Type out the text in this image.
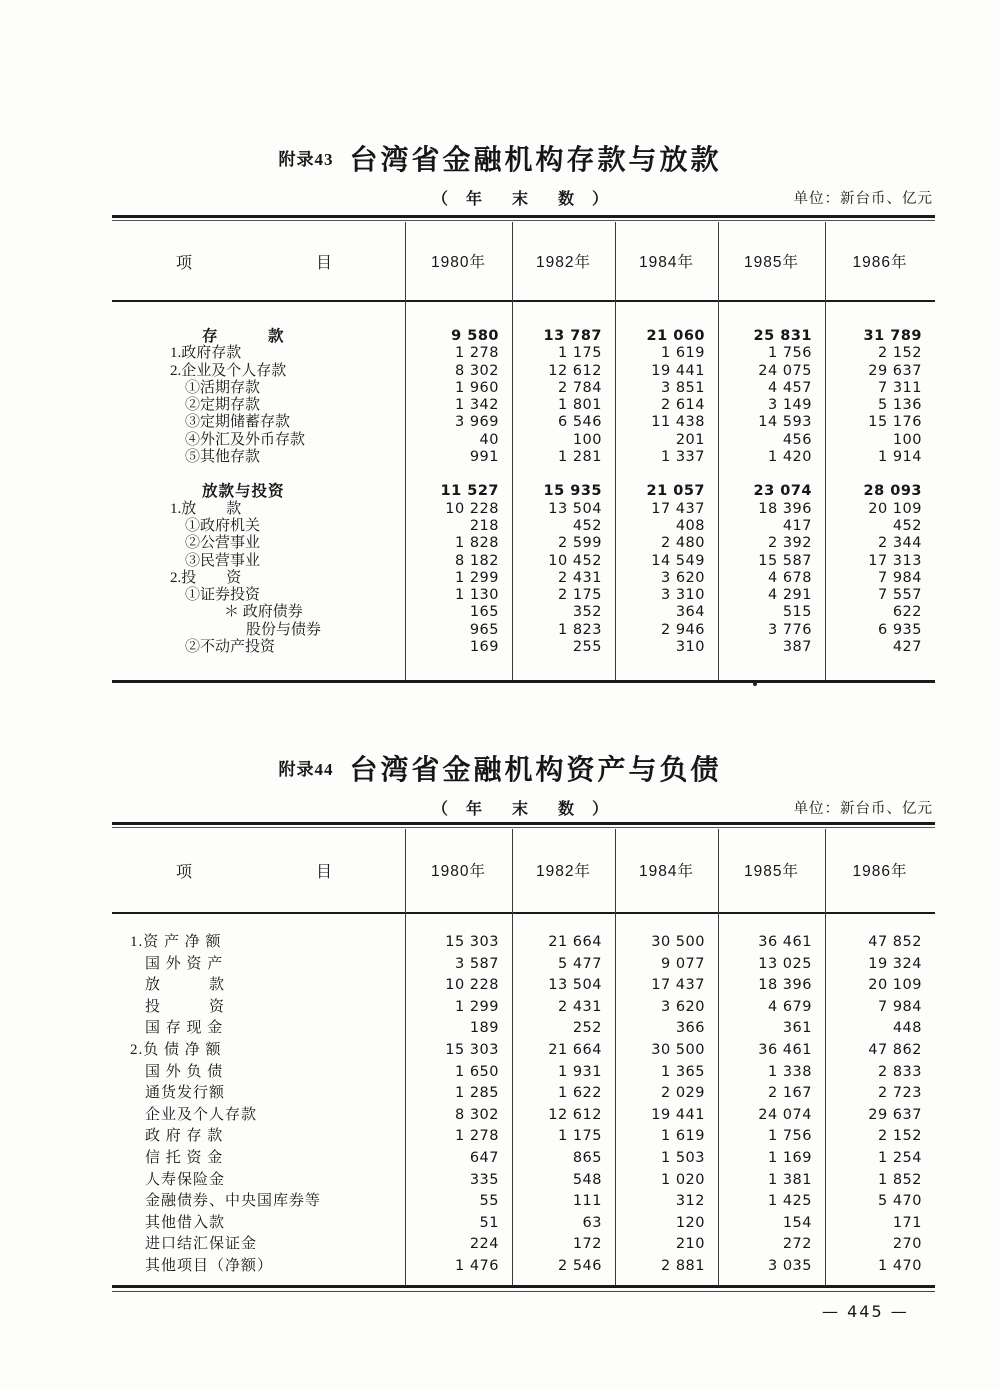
附录43 台湾省金融机构存款与放款
（ 年　末　数 ）	单位：新台币、亿元
项	目	1980年	1982年	1984年	1985年	1986年
存　　　款	9 580	13 787	21 060	25 831	31 789
1.政府存款	1 278	1 175	1 619	1 756	2 152
2.企业及个人存款	8 302	12 612	19 441	24 075	29 637
①活期存款	1 960	2 784	3 851	4 457	7 311
②定期存款	1 342	1 801	2 614	3 149	5 136
③定期储蓄存款	3 969	6 546	11 438	14 593	15 176
④外汇及外币存款	40	100	201	456	100
⑤其他存款	991	1 281	1 337	1 420	1 914
放款与投资	11 527	15 935	21 057	23 074	28 093
1.放　　款	10 228	13 504	17 437	18 396	20 109
①政府机关	218	452	408	417	452
②公营事业	1 828	2 599	2 480	2 392	2 344
③民营事业	8 182	10 452	14 549	15 587	17 313
2.投　　资	1 299	2 431	3 620	4 678	7 984
①证券投资	1 130	2 175	3 310	4 291	7 557
＊ 政府债券	165	352	364	515	622
股份与债券	965	1 823	2 946	3 776	6 935
②不动产投资	169	255	310	387	427
附录44 台湾省金融机构资产与负债
（ 年　末　数 ）	单位：新台币、亿元
项	目	1980年	1982年	1984年	1985年	1986年
1.资 产 净 额	15 303	21 664	30 500	36 461	47 852
国 外 资 产	3 587	5 477	9 077	13 025	19 324
放　　　款	10 228	13 504	17 437	18 396	20 109
投　　　资	1 299	2 431	3 620	4 679	7 984
国 存 现 金	189	252	366	361	448
2.负 债 净 额	15 303	21 664	30 500	36 461	47 862
国 外 负 债	1 650	1 931	1 365	1 338	2 833
通货发行额	1 285	1 622	2 029	2 167	2 723
企业及个人存款	8 302	12 612	19 441	24 074	29 637
政 府 存 款	1 278	1 175	1 619	1 756	2 152
信 托 资 金	647	865	1 503	1 169	1 254
人寿保险金	335	548	1 020	1 381	1 852
金融债券、中央国库券等	55	111	312	1 425	5 470
其他借入款	51	63	120	154	171
进口结汇保证金	224	172	210	272	270
其他项目（净额）	1 476	2 546	2 881	3 035	1 470
— 445 —
